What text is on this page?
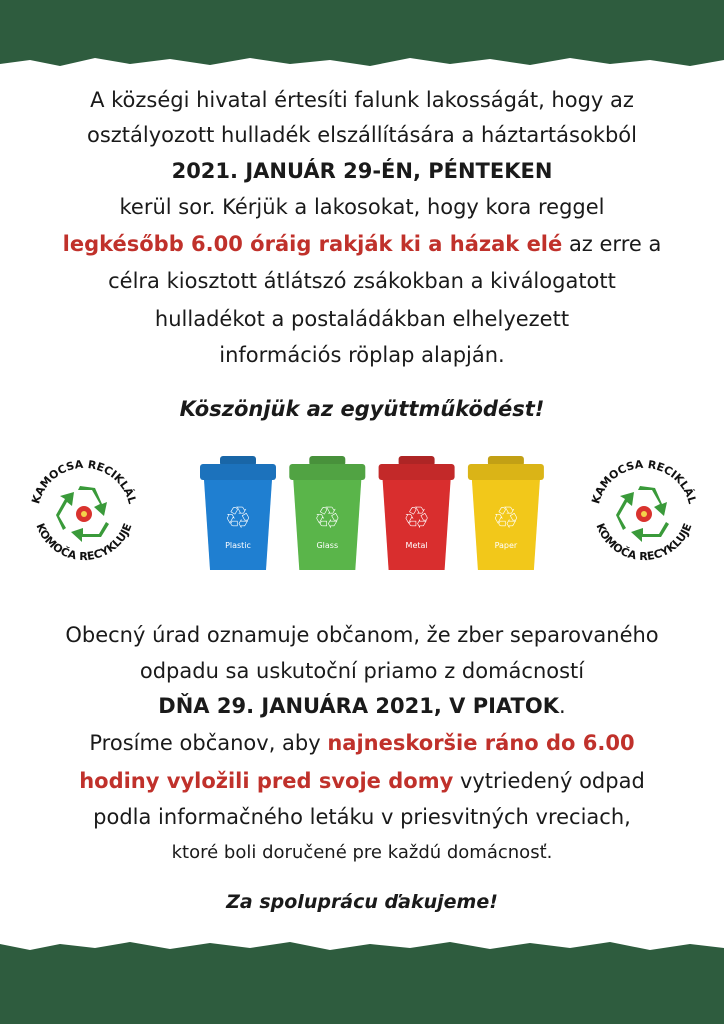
A községi hivatal értesíti falunk lakosságát, hogy az
osztályozott hulladék elszállítására a háztartásokból
2021. JANUÁR 29-ÉN, PÉNTEKEN
kerül sor. Kérjük a lakosokat, hogy kora reggel
legkésőbb 6.00 óráig rakják ki a házak elé az erre a
célra kiosztott átlátszó zsákokban a kiválogatott
hulladékot a postaládákban elhelyezett
információs röplap alapján.
Köszönjük az együttműködést!
Obecný úrad oznamuje občanom, že zber separovaného
odpadu sa uskutoční priamo z domácností
DŇA 29. JANUÁRA 2021, V PIATOK.
Prosíme občanov, aby najneskoršie ráno do 6.00
hodiny vyložili pred svoje domy vytriedený odpad
podla informačného letáku v priesvitných vreciach,
ktoré boli doručené pre každú domácnosť.
Za spoluprácu ďakujeme!
KAMOCSA RECIKLÁL
KOMOČA RECYKLUJE
KAMOCSA RECIKLÁL
KOMOČA RECYKLUJE
♲
Plastic
♲
Glass
♲
Metal
♲
Paper
